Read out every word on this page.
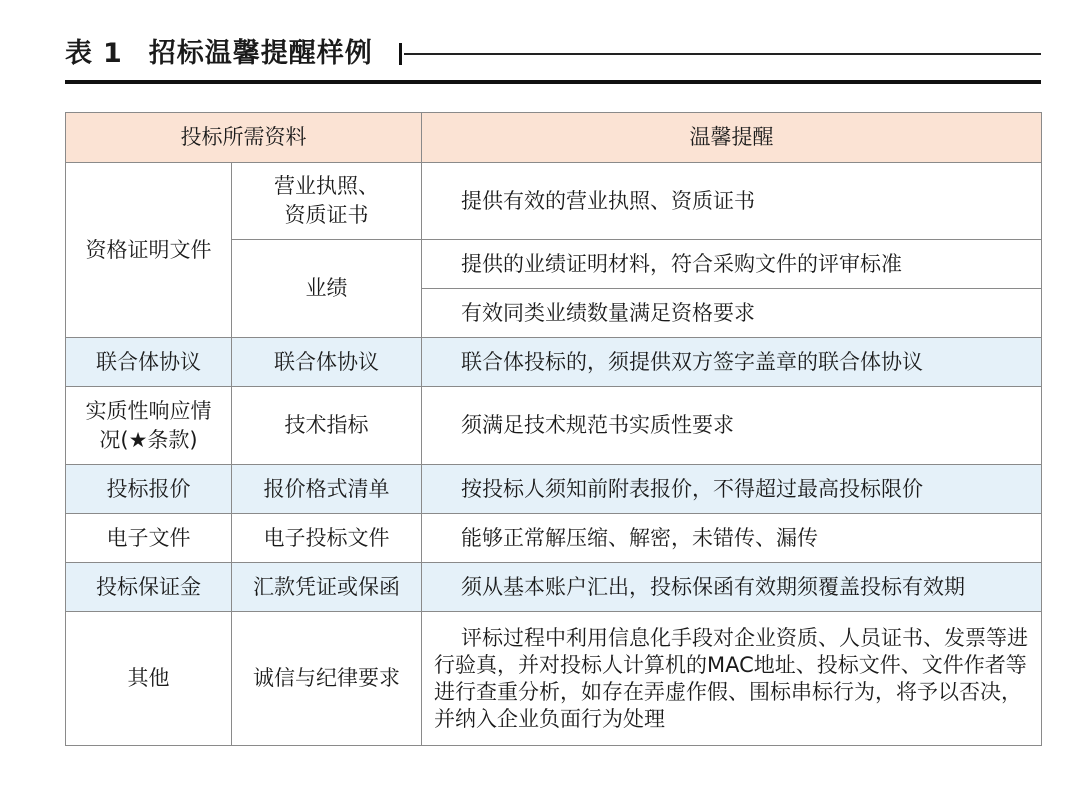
表 1 招标温馨提醒样例
投标所需资料		温馨提醒
资格证明文件	营业执照、资质证书	提供有效的营业执照、资质证书
	业绩	提供的业绩证明材料，符合采购文件的评审标准
		有效同类业绩数量满足资格要求
联合体协议	联合体协议	联合体投标的，须提供双方签字盖章的联合体协议
实质性响应情况(★条款)	技术指标	须满足技术规范书实质性要求
投标报价	报价格式清单	按投标人须知前附表报价，不得超过最高投标限价
电子文件	电子投标文件	能够正常解压缩、解密，未错传、漏传
投标保证金	汇款凭证或保函	须从基本账户汇出，投标保函有效期须覆盖投标有效期
其他	诚信与纪律要求	评标过程中利用信息化手段对企业资质、人员证书、发票等进行验真，并对投标人计算机的MAC地址、投标文件、文件作者等进行查重分析，如存在弄虚作假、围标串标行为，将予以否决，并纳入企业负面行为处理
